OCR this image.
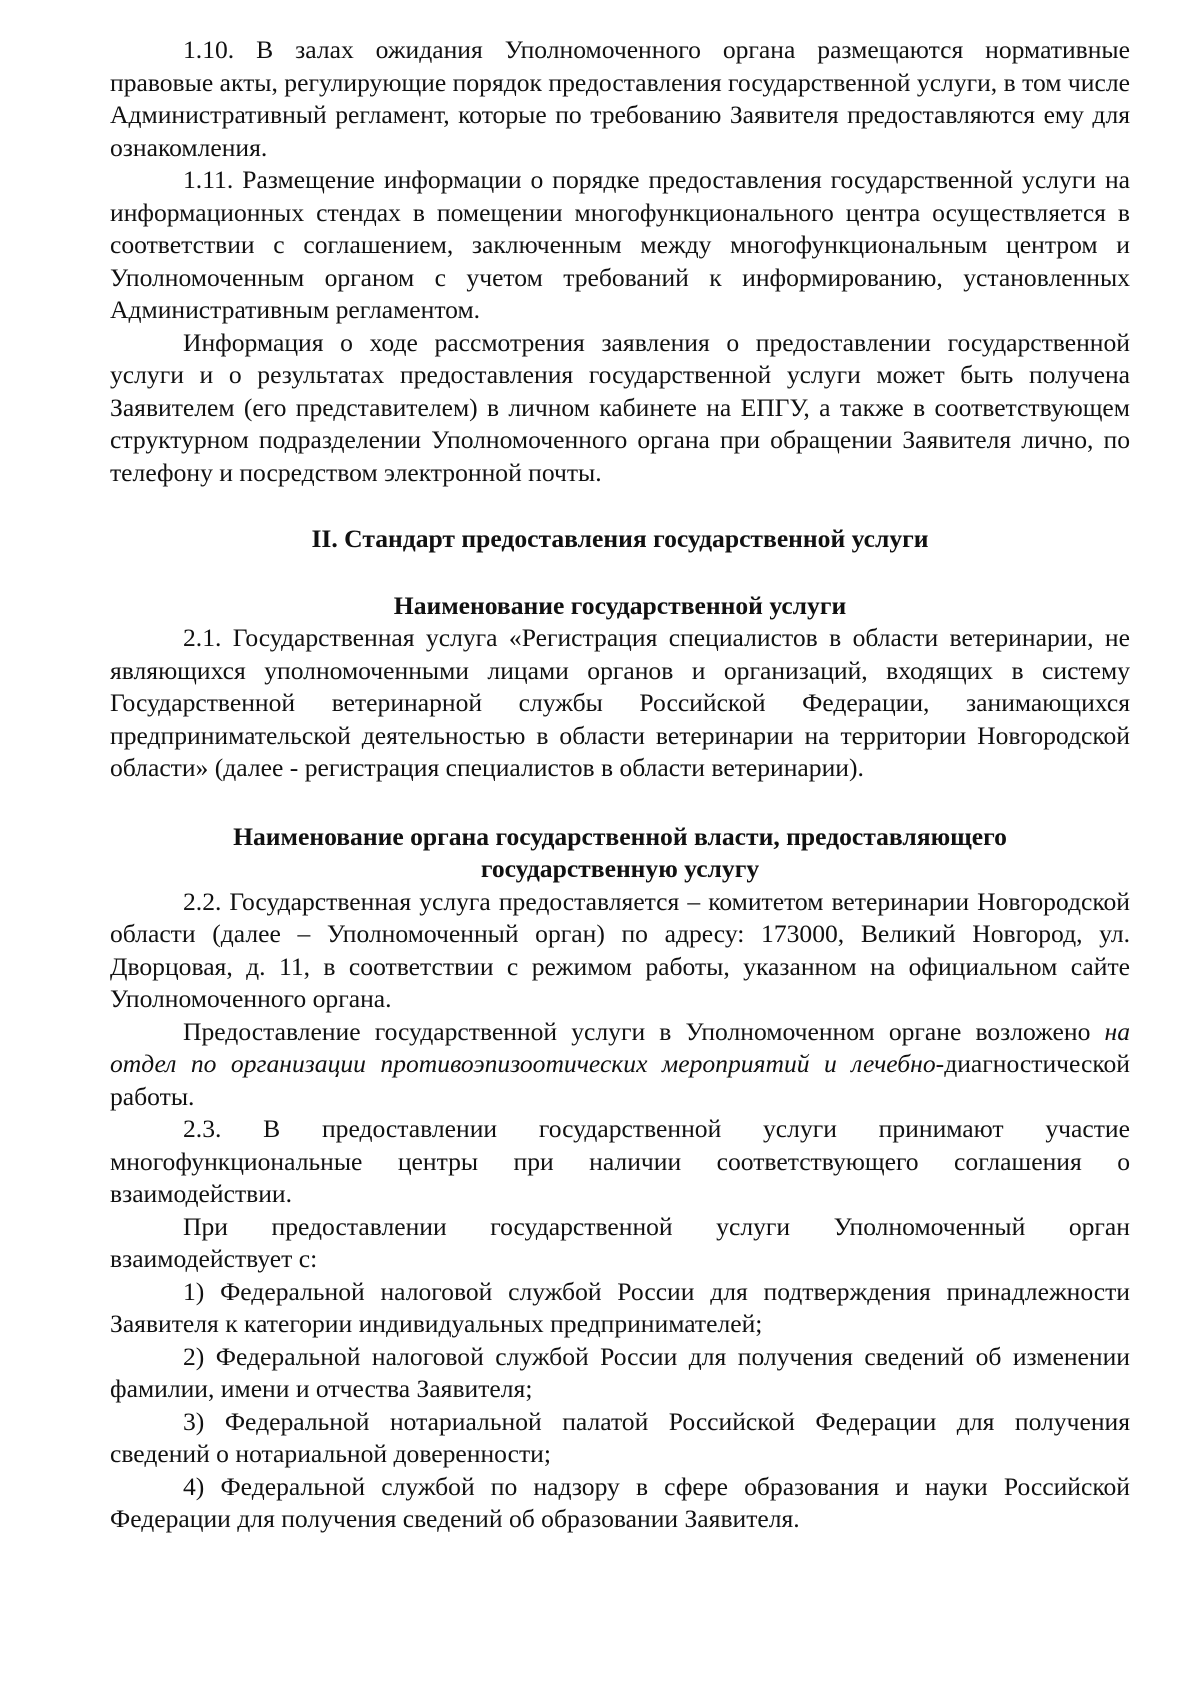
1.10. В залах ожидания Уполномоченного органа размещаются нормативные правовые акты, регулирующие порядок предоставления государственной услуги, в том числе Административный регламент, которые по требованию Заявителя предоставляются ему для ознакомления.

1.11. Размещение информации о порядке предоставления государственной услуги на информационных стендах в помещении многофункционального центра осуществляется в соответствии с соглашением, заключенным между многофункциональным центром и Уполномоченным органом с учетом требований к информированию, установленных Административным регламентом.

Информация о ходе рассмотрения заявления о предоставлении государственной услуги и о результатах предоставления государственной услуги может быть получена Заявителем (его представителем) в личном кабинете на ЕПГУ, а также в соответствующем структурном подразделении Уполномоченного органа при обращении Заявителя лично, по телефону и посредством электронной почты.

II. Стандарт предоставления государственной услуги
Наименование государственной услуги

2.1. Государственная услуга «Регистрация специалистов в области ветеринарии, не являющихся уполномоченными лицами органов и организаций, входящих в систему Государственной ветеринарной службы Российской Федерации, занимающихся предпринимательской деятельностью в области ветеринарии на территории Новгородской области» (далее - регистрация специалистов в области ветеринарии).

Наименование органа государственной власти, предоставляющего
государственную услугу

2.2. Государственная услуга предоставляется – комитетом ветеринарии Новгородской области (далее – Уполномоченный орган) по адресу: 173000, Великий Новгород, ул. Дворцовая, д. 11, в соответствии с режимом работы, указанном на официальном сайте Уполномоченного органа.

Предоставление государственной услуги в Уполномоченном органе возложено на отдел по организации противоэпизоотических мероприятий и лечебно-диагностической работы.

2.3. В предоставлении государственной услуги принимают участие многофункциональные центры при наличии соответствующего соглашения о взаимодействии.

При предоставлении государственной услуги Уполномоченный орган взаимодействует с:

1) Федеральной налоговой службой России для подтверждения принадлежности Заявителя к категории индивидуальных предпринимателей;

2) Федеральной налоговой службой России для получения сведений об изменении фамилии, имени и отчества Заявителя;

3) Федеральной нотариальной палатой Российской Федерации для получения сведений о нотариальной доверенности;

4) Федеральной службой по надзору в сфере образования и науки Российской Федерации для получения сведений об образовании Заявителя.
